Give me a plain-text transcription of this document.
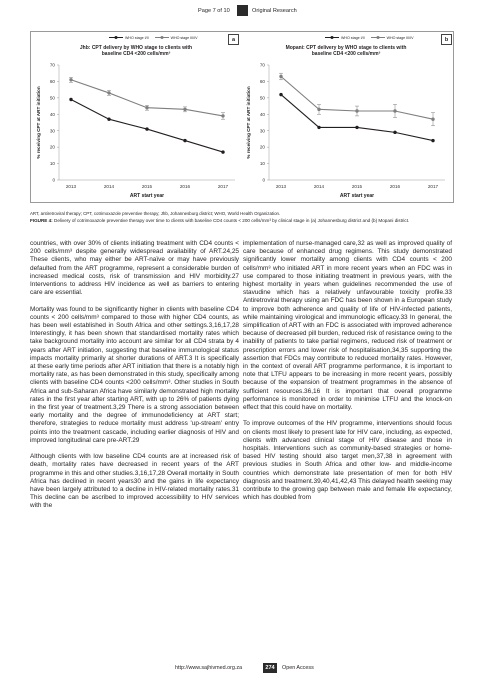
Page 7 of 10	Original Research
WHO stage I/II	WHO stage III/IV	a
Jhb: CPT delivery by WHO stage to clients with
baseline CD4 <200 cells/mm³
0
10
20
30
40
50
60
70
2013	2014	2015	2016	2017
ART start year
% receiving CPT at ART initiation
WHO stage I/II	WHO stage III/IV	b
Mopani: CPT delivery by WHO stage to clients with
baseline CD4 <200 cells/mm³
0
10
20
30
40
50
60
70
2013	2014	2015	2016	2017
ART start year
% receiving CPT at ART initiation
ART, antiretroviral therapy; CPT, cotrimoxazole preventive therapy; Jhb, Johannesburg district; WHO, World Health Organization.
FIGURE 4: Delivery of cotrimoxazole preventive therapy over time to clients with baseline CD4 counts < 200 cells/mm³ by clinical stage in (a) Johannesburg district and (b) Mopani district.

countries, with over 30% of clients initiating treatment with CD4 counts < 200 cells/mm³ despite generally widespread availability of ART.24,25 These clients, who may either be ART-naïve or may have previously defaulted from the ART programme, represent a considerable burden of increased medical costs, risk of transmission and HIV morbidity.27 Interventions to address HIV incidence as well as barriers to entering care are essential.

Mortality was found to be significantly higher in clients with baseline CD4 counts < 200 cells/mm³ compared to those with higher CD4 counts, as has been well established in South Africa and other settings.3,16,17,28 Interestingly, it has been shown that standardised mortality rates which take background mortality into account are similar for all CD4 strata by 4 years after ART initiation, suggesting that baseline immunological status impacts mortality primarily at shorter durations of ART.3 It is specifically at these early time periods after ART initiation that there is a notably high mortality rate, as has been demonstrated in this study, specifically among clients with baseline CD4 counts <200 cells/mm³. Other studies in South Africa and sub-Saharan Africa have similarly demonstrated high mortality rates in the first year after starting ART, with up to 26% of patients dying in the first year of treatment.3,29 There is a strong association between early mortality and the degree of immunodeficiency at ART start; therefore, strategies to reduce mortality must address 'up-stream' entry points into the treatment cascade, including earlier diagnosis of HIV and improved longitudinal care pre-ART.29

Although clients with low baseline CD4 counts are at increased risk of death, mortality rates have decreased in recent years of the ART programme in this and other studies.3,16,17,28 Overall mortality in South Africa has declined in recent years30 and the gains in life expectancy have been largely attributed to a decline in HIV-related mortality rates.31 This decline can be ascribed to improved accessibility to HIV services with the

implementation of nurse-managed care,32 as well as improved quality of care because of enhanced drug regimens. This study demonstrated significantly lower mortality among clients with CD4 counts < 200 cells/mm³ who initiated ART in more recent years when an FDC was in use compared to those initiating treatment in previous years, with the highest mortality in years when guidelines recommended the use of stavudine which has a relatively unfavourable toxicity profile.33 Antiretroviral therapy using an FDC has been shown in a European study to improve both adherence and quality of life of HIV-infected patients, while maintaining virological and immunologic efficacy.33 In general, the simplification of ART with an FDC is associated with improved adherence because of decreased pill burden, reduced risk of resistance owing to the inability of patients to take partial regimens, reduced risk of treatment or prescription errors and lower risk of hospitalisation,34,35 supporting the assertion that FDCs may contribute to reduced mortality rates. However, in the context of overall ART programme performance, it is important to note that LTFU appears to be increasing in more recent years, possibly because of the expansion of treatment programmes in the absence of sufficient resources.36,16 It is important that overall programme performance is monitored in order to minimise LTFU and the knock-on effect that this could have on mortality.

To improve outcomes of the HIV programme, interventions should focus on clients most likely to present late for HIV care, including, as expected, clients with advanced clinical stage of HIV disease and those in hospitals. Interventions such as community-based strategies or home-based HIV testing should also target men,37,38 in agreement with previous studies in South Africa and other low- and middle-income countries which demonstrate late presentation of men for both HIV diagnosis and treatment.39,40,41,42,43 This delayed health seeking may contribute to the growing gap between male and female life expectancy, which has doubled from

http://www.sajhivmed.org.za	274	Open Access
